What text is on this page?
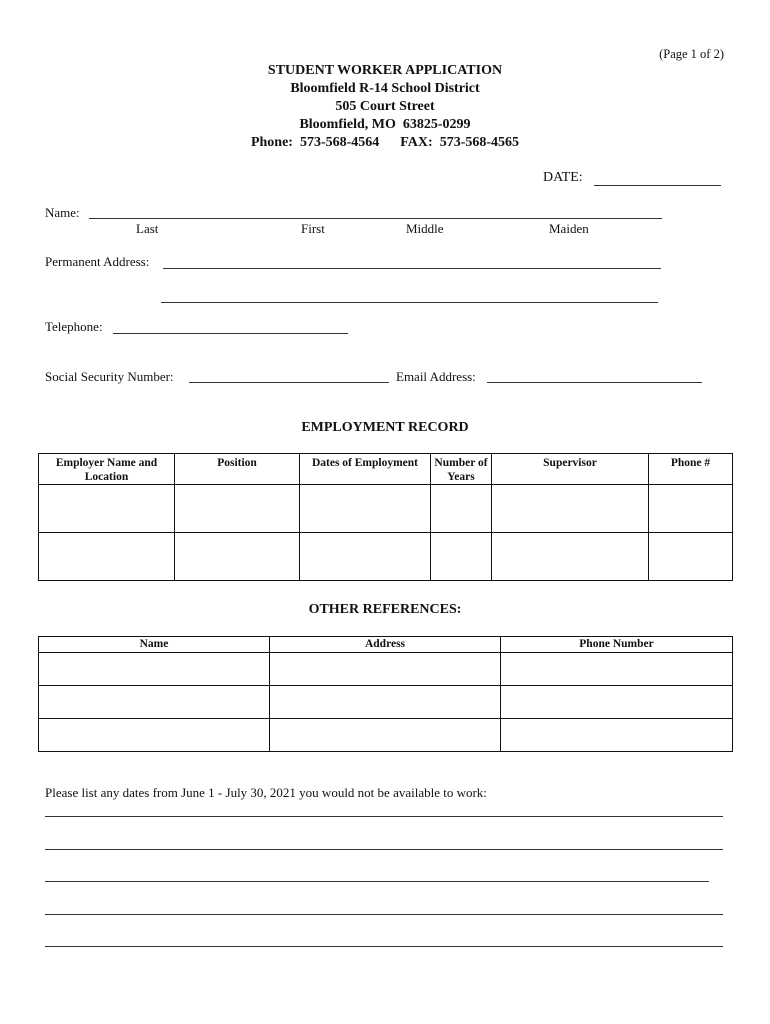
(Page 1 of 2)
STUDENT WORKER APPLICATION
Bloomfield R-14 School District
505 Court Street
Bloomfield, MO  63825-0299
Phone:  573-568-4564      FAX:  573-568-4565
DATE:
Name:
Last	First	Middle	Maiden
Permanent Address:
Telephone:
Social Security Number:	Email Address:
EMPLOYMENT RECORD
Employer Name and Location	Position	Dates of Employment	Number of Years	Supervisor	Phone #

OTHER REFERENCES:
Name	Address	Phone Number

Please list any dates from June 1 - July 30, 2021 you would not be available to work:
